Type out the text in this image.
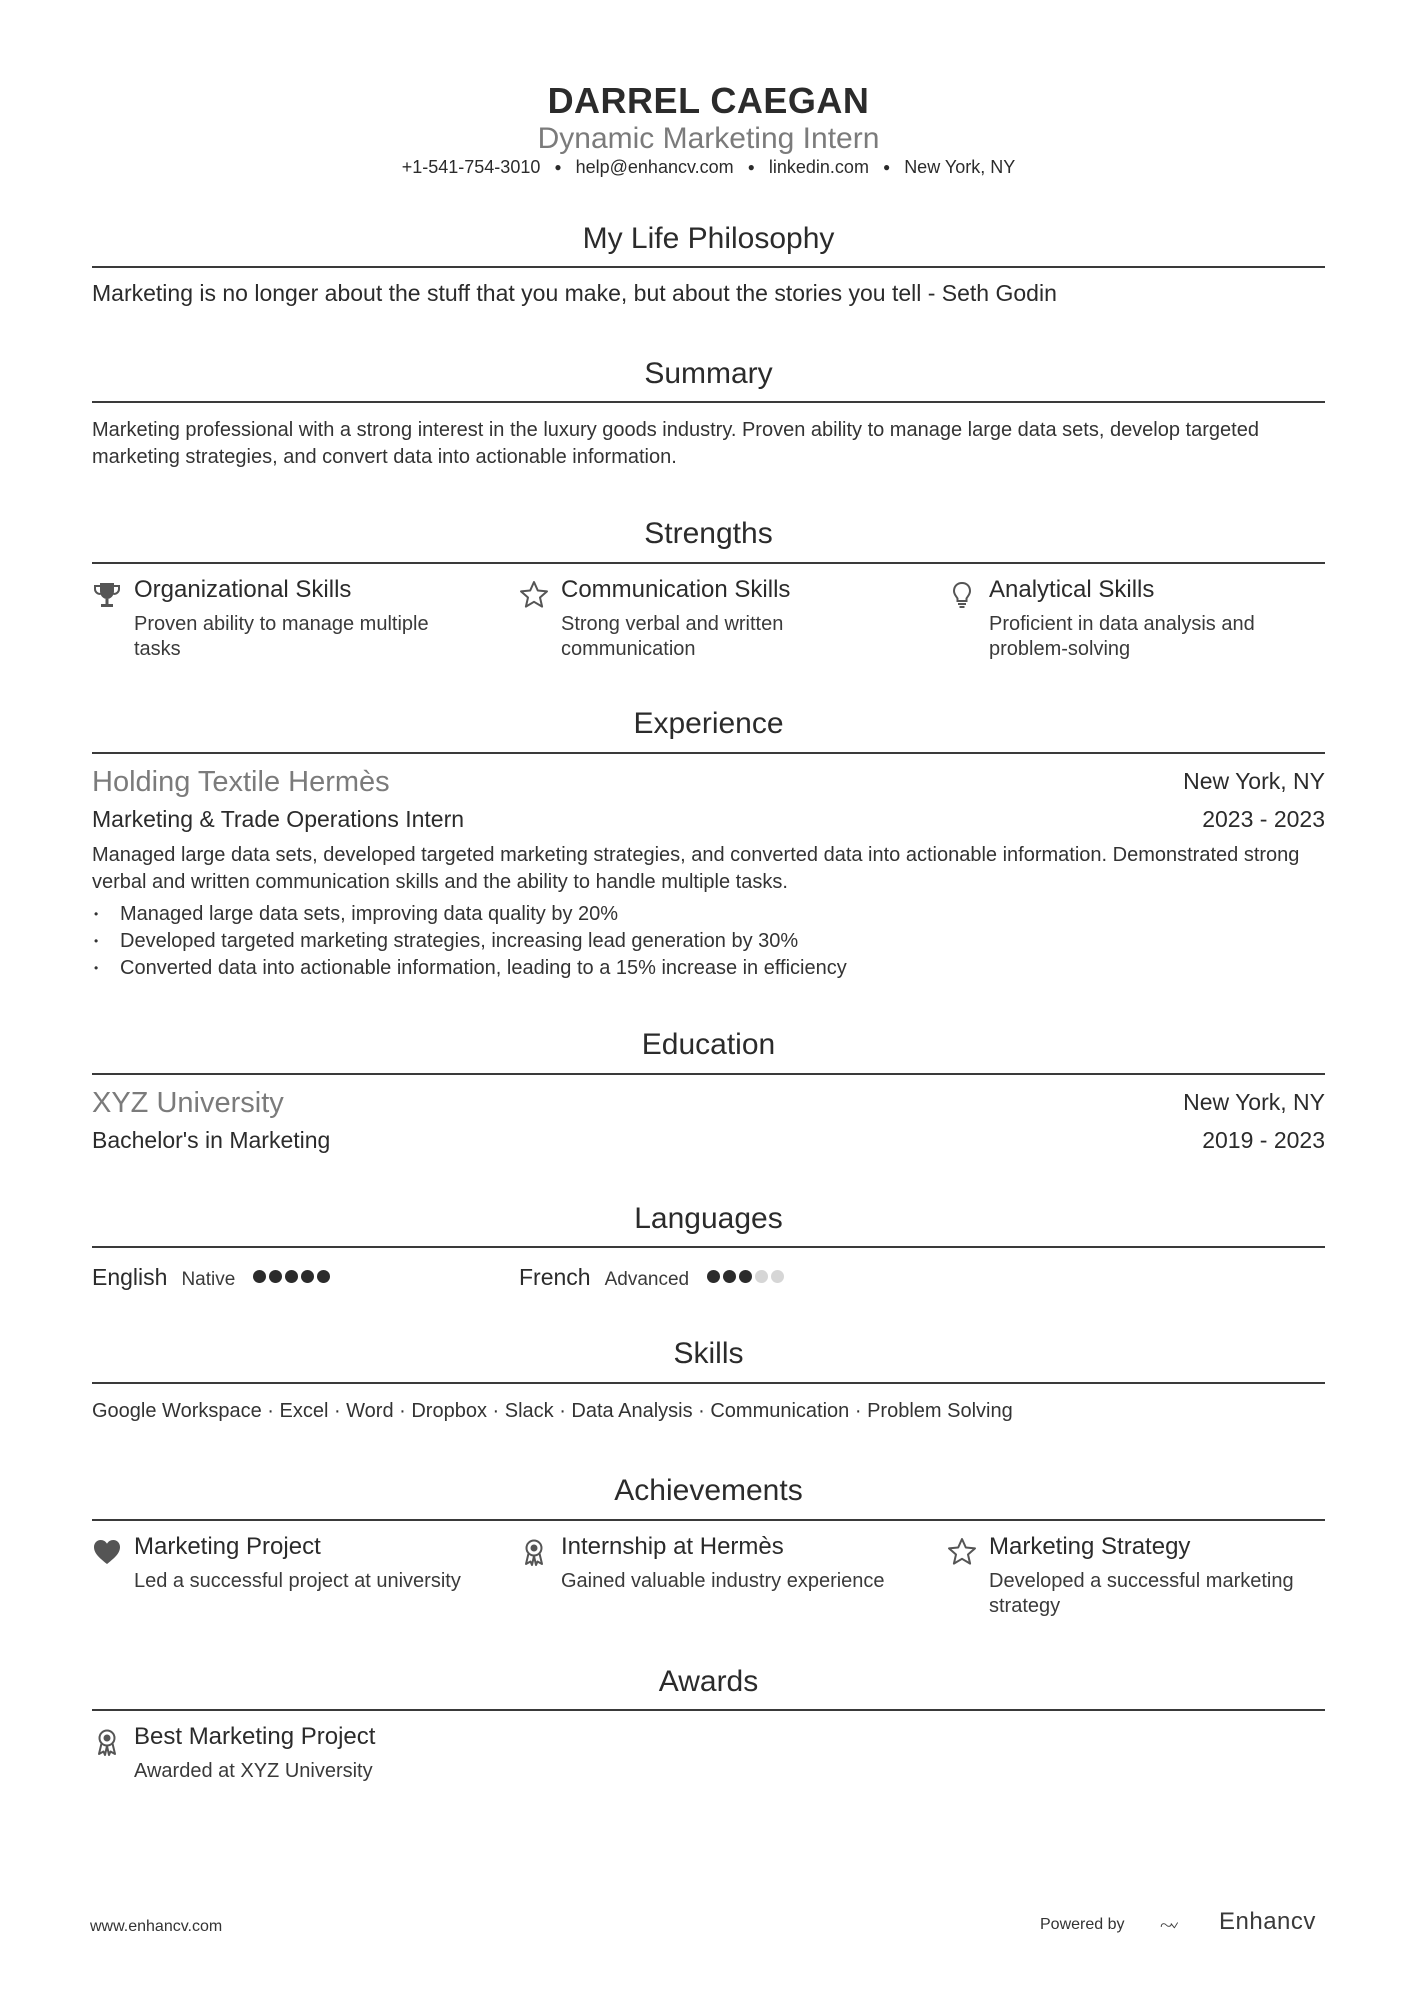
DARREL CAEGAN
Dynamic Marketing Intern
+1-541-754-3010 ● help@enhancv.com ● linkedin.com ● New York, NY
My Life Philosophy
Marketing is no longer about the stuff that you make, but about the stories you tell - Seth Godin
Summary
Marketing professional with a strong interest in the luxury goods industry. Proven ability to manage large data sets, develop targeted marketing strategies, and convert data into actionable information.
Strengths
Organizational Skills
Proven ability to manage multiple tasks
Communication Skills
Strong verbal and written communication
Analytical Skills
Proficient in data analysis and problem-solving
Experience
Holding Textile Hermès	New York, NY
Marketing & Trade Operations Intern	2023 - 2023
Managed large data sets, developed targeted marketing strategies, and converted data into actionable information. Demonstrated strong verbal and written communication skills and the ability to handle multiple tasks.
• Managed large data sets, improving data quality by 20%
• Developed targeted marketing strategies, increasing lead generation by 30%
• Converted data into actionable information, leading to a 15% increase in efficiency
Education
XYZ University	New York, NY
Bachelor's in Marketing	2019 - 2023
Languages
English Native	French Advanced
Skills
Google Workspace · Excel · Word · Dropbox · Slack · Data Analysis · Communication · Problem Solving
Achievements
Marketing Project
Led a successful project at university
Internship at Hermès
Gained valuable industry experience
Marketing Strategy
Developed a successful marketing strategy
Awards
Best Marketing Project
Awarded at XYZ University
www.enhancv.com	Powered by	Enhancv
